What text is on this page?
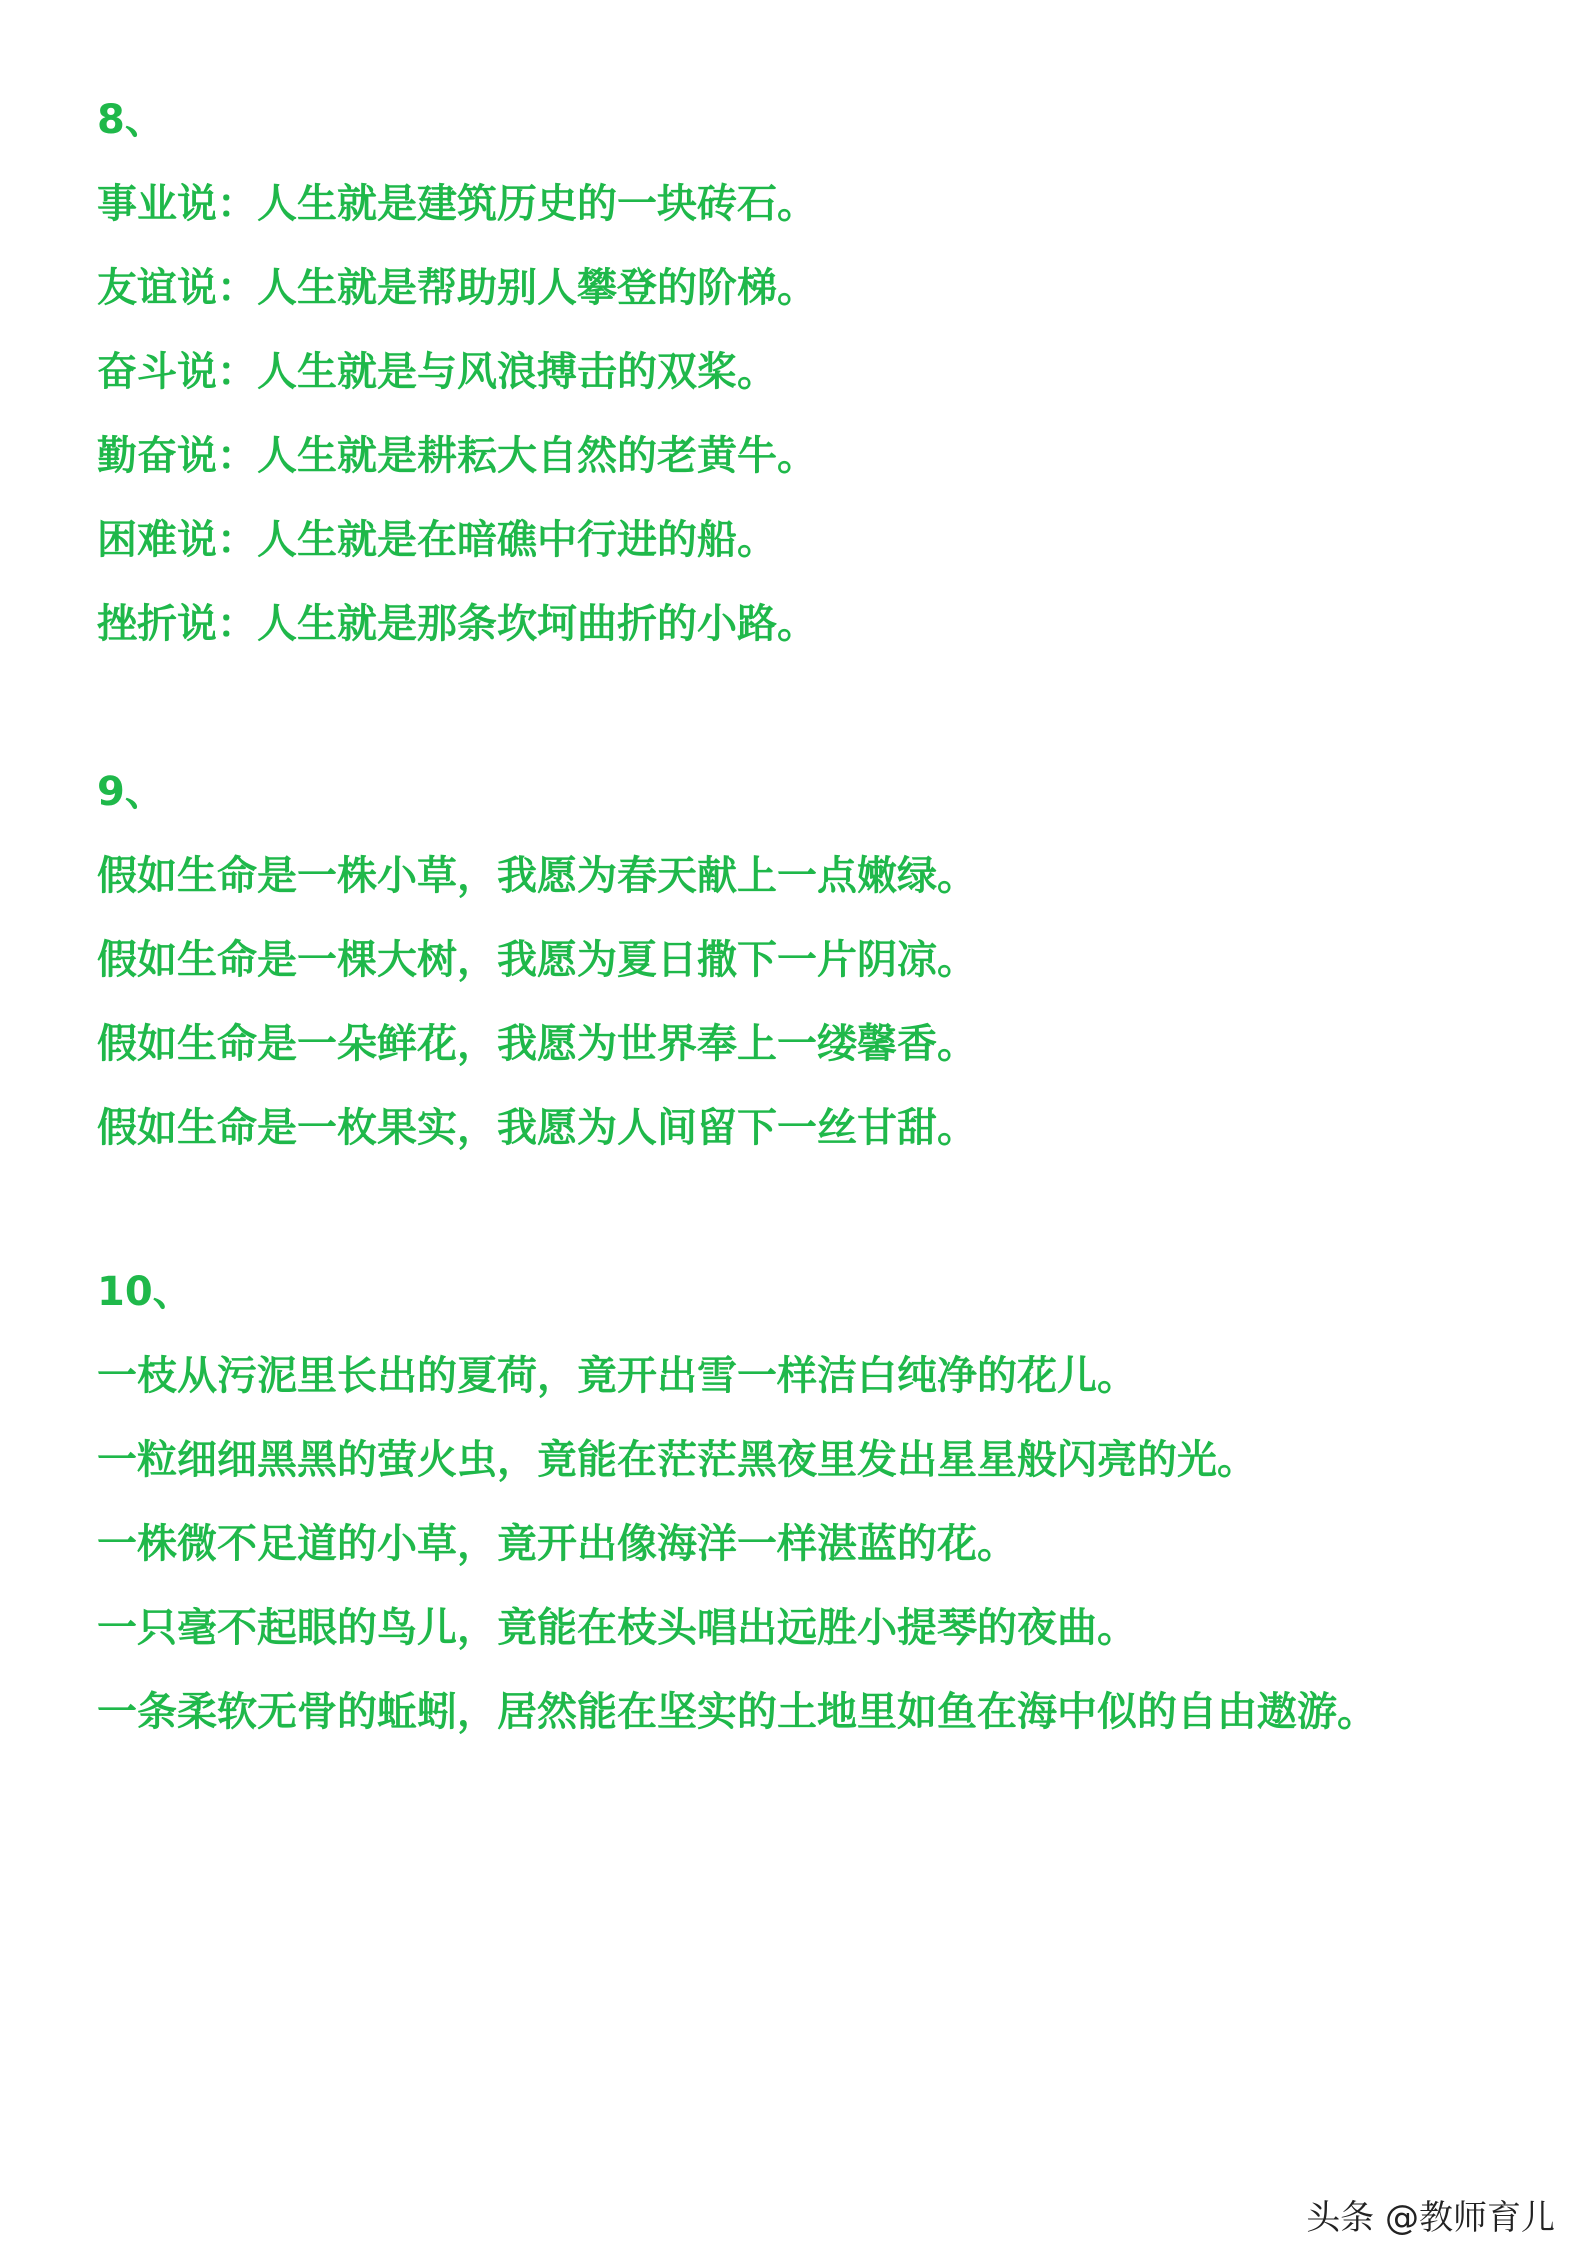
8、
事业说：人生就是建筑历史的一块砖石。
友谊说：人生就是帮助别人攀登的阶梯。
奋斗说：人生就是与风浪搏击的双桨。
勤奋说：人生就是耕耘大自然的老黄牛。
困难说：人生就是在暗礁中行进的船。
挫折说：人生就是那条坎坷曲折的小路。
9、
假如生命是一株小草，我愿为春天献上一点嫩绿。
假如生命是一棵大树，我愿为夏日撒下一片阴凉。
假如生命是一朵鲜花，我愿为世界奉上一缕馨香。
假如生命是一枚果实，我愿为人间留下一丝甘甜。
10、
一枝从污泥里长出的夏荷，竟开出雪一样洁白纯净的花儿。
一粒细细黑黑的萤火虫，竟能在茫茫黑夜里发出星星般闪亮的光。
一株微不足道的小草，竟开出像海洋一样湛蓝的花。
一只毫不起眼的鸟儿，竟能在枝头唱出远胜小提琴的夜曲。
一条柔软无骨的蚯蚓，居然能在坚实的土地里如鱼在海中似的自由遨游。
头条 @教师育儿
